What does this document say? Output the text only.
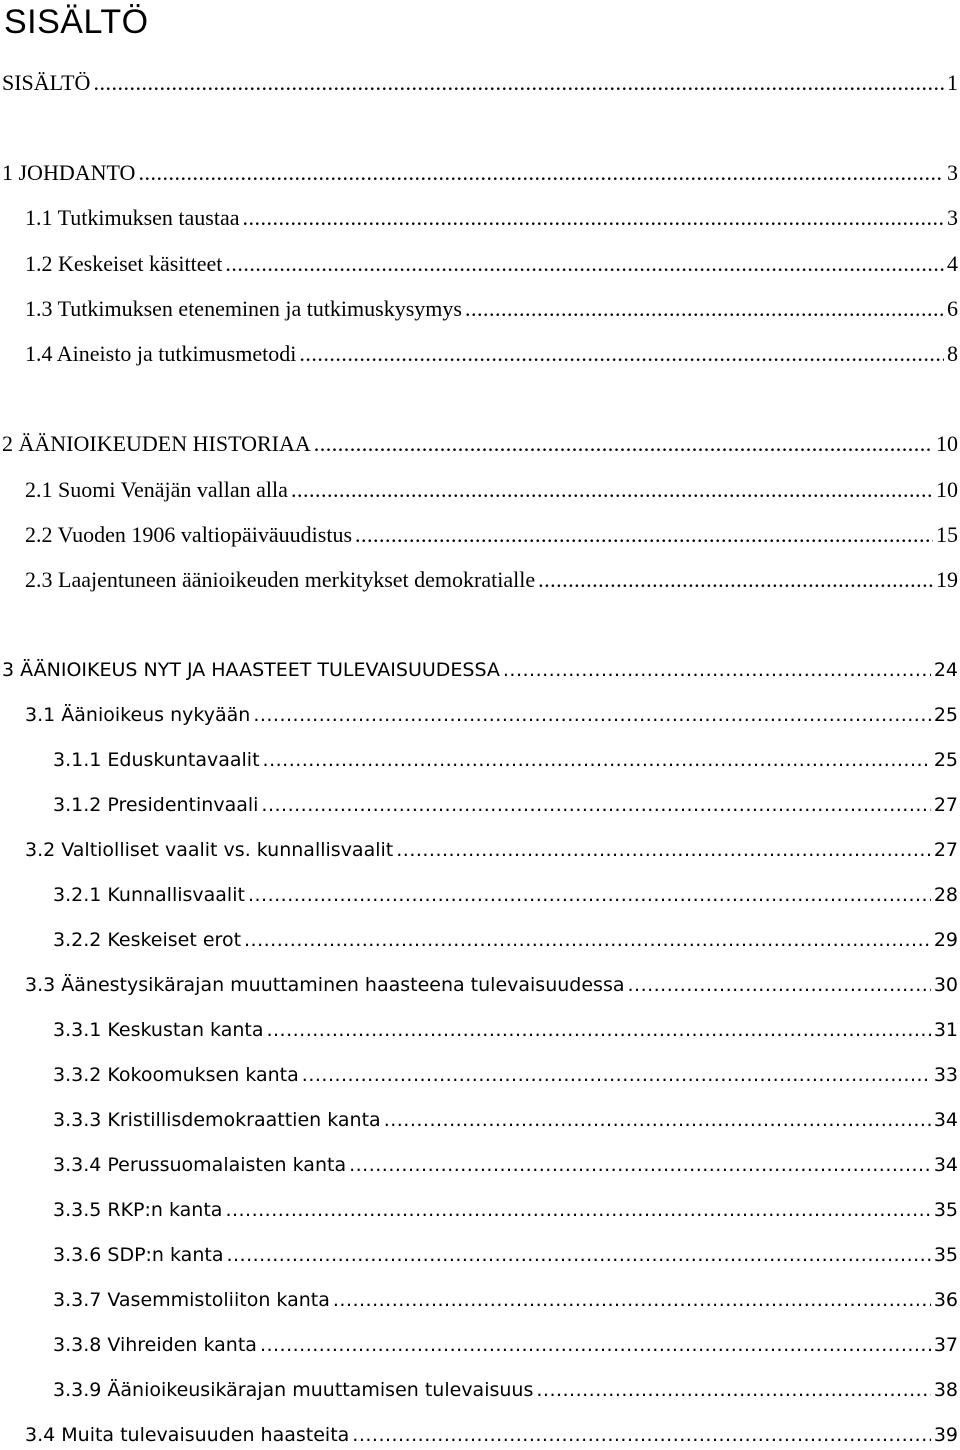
SISÄLTÖ
SISÄLTÖ .....	1
1 JOHDANTO .....	3
1.1 Tutkimuksen taustaa .....	3
1.2 Keskeiset käsitteet .....	4
1.3 Tutkimuksen eteneminen ja tutkimuskysymys .....	6
1.4 Aineisto ja tutkimusmetodi .....	8
2 ÄÄNIOIKEUDEN HISTORIAA .....	10
2.1 Suomi Venäjän vallan alla .....	10
2.2 Vuoden 1906 valtiopäiväuudistus .....	15
2.3 Laajentuneen äänioikeuden merkitykset demokratialle .....	19
3 ÄÄNIOIKEUS NYT JA HAASTEET TULEVAISUUDESSA .....	24
3.1 Äänioikeus nykyään .....	25
3.1.1 Eduskuntavaalit .....	25
3.1.2 Presidentinvaali .....	27
3.2 Valtiolliset vaalit vs. kunnallisvaalit .....	27
3.2.1 Kunnallisvaalit .....	28
3.2.2 Keskeiset erot .....	29
3.3 Äänestysikärajan muuttaminen haasteena tulevaisuudessa .....	30
3.3.1 Keskustan kanta .....	31
3.3.2 Kokoomuksen kanta .....	33
3.3.3 Kristillisdemokraattien kanta .....	34
3.3.4 Perussuomalaisten kanta .....	34
3.3.5 RKP:n kanta .....	35
3.3.6 SDP:n kanta .....	35
3.3.7 Vasemmistoliiton kanta .....	36
3.3.8 Vihreiden kanta .....	37
3.3.9 Äänioikeusikärajan muuttamisen tulevaisuus .....	38
3.4 Muita tulevaisuuden haasteita .....	39
